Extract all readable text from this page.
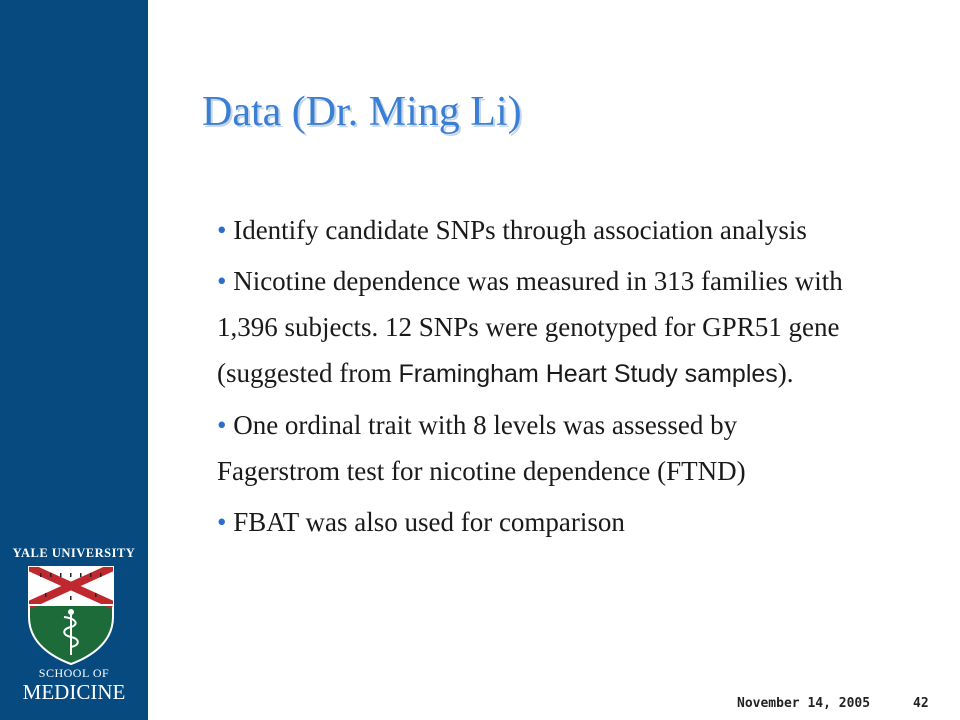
YALE UNIVERSITY
SCHOOL OF
MEDICINE
Data (Dr. Ming Li)
• Identify candidate SNPs through association analysis
• Nicotine dependence was measured in 313 families with 1,396 subjects. 12 SNPs were genotyped for GPR51 gene (suggested from Framingham Heart Study samples).
• One ordinal trait with 8 levels was assessed by Fagerstrom test for nicotine dependence (FTND)
• FBAT was also used for comparison
November 14, 2005	42
